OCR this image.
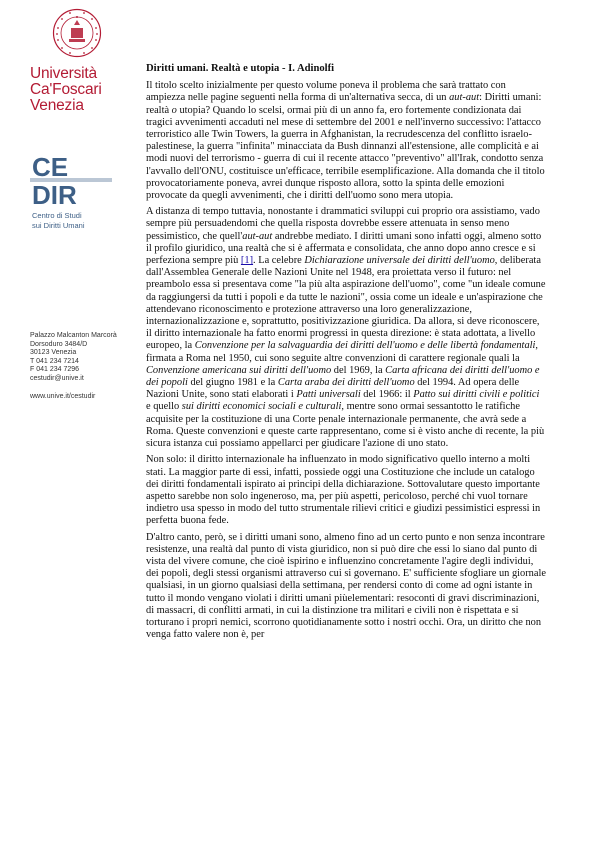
Università
Ca'Foscari
Venezia
CE
DIR
Centro di Studi
sui Diritti Umani
Palazzo Malcanton Marcorà
Dorsoduro 3484/D
30123 Venezia
T 041 234 7214
F 041 234 7296
cestudir@unive.it
www.unive.it/cestudir
Diritti umani. Realtà e utopia - I. Adinolfi

Il titolo scelto inizialmente per questo volume poneva il problema che sarà trattato con ampiezza nelle pagine seguenti nella forma di un'alternativa secca, di un aut-aut: Diritti umani: realtà o utopia? Quando lo scelsi, ormai più di un anno fa, ero fortemente condizionata dai tragici avvenimenti accaduti nel mese di settembre del 2001 e nell'inverno successivo: l'attacco terroristico alle Twin Towers, la guerra in Afghanistan, la recrudescenza del conflitto israelo-palestinese, la guerra "infinita" minacciata da Bush dinnanzi all'estensione, alle complicità e ai modi nuovi del terrorismo - guerra di cui il recente attacco "preventivo" all'Irak, condotto senza l'avvallo dell'ONU, costituisce un'efficace, terribile esemplificazione. Alla domanda che il titolo provocatoriamente poneva, avrei dunque risposto allora, sotto la spinta delle emozioni provocate da quegli avvenimenti, che i diritti dell'uomo sono mera utopia.

A distanza di tempo tuttavia, nonostante i drammatici sviluppi cui proprio ora assistiamo, vado sempre più persuadendomi che quella risposta dovrebbe essere attenuata in senso meno pessimistico, che quell'aut-aut andrebbe mediato. I diritti umani sono infatti oggi, almeno sotto il profilo giuridico, una realtà che si è affermata e consolidata, che anno dopo anno cresce e si perfeziona sempre più [1]. La celebre Dichiarazione universale dei diritti dell'uomo, deliberata dall'Assemblea Generale delle Nazioni Unite nel 1948, era proiettata verso il futuro: nel preambolo essa si presentava come "la più alta aspirazione dell'uomo", come "un ideale comune da raggiungersi da tutti i popoli e da tutte le nazioni", ossia come un ideale e un'aspirazione che attendevano riconoscimento e protezione attraverso una loro generalizzazione, internazionalizzazione e, soprattutto, positivizzazione giuridica. Da allora, si deve riconoscere, il diritto internazionale ha fatto enormi progressi in questa direzione: è stata adottata, a livello europeo, la Convenzione per la salvaguardia dei diritti dell'uomo e delle libertà fondamentali, firmata a Roma nel 1950, cui sono seguite altre convenzioni di carattere regionale quali la Convenzione americana sui diritti dell'uomo del 1969, la Carta africana dei diritti dell'uomo e dei popoli del giugno 1981 e la Carta araba dei diritti dell'uomo del 1994. Ad opera delle Nazioni Unite, sono stati elaborati i Patti universali del 1966: il Patto sui diritti civili e politici e quello sui diritti economici sociali e culturali, mentre sono ormai sessantotto le ratifiche acquisite per la costituzione di una Corte penale internazionale permanente, che avrà sede a Roma. Queste convenzioni e queste carte rappresentano, come si è visto anche di recente, la più sicura istanza cui possiamo appellarci per giudicare l'azione di uno stato.

Non solo: il diritto internazionale ha influenzato in modo significativo quello interno a molti stati. La maggior parte di essi, infatti, possiede oggi una Costituzione che include un catalogo dei diritti fondamentali ispirato ai principi della dichiarazione. Sottovalutare questo importante aspetto sarebbe non solo ingeneroso, ma, per più aspetti, pericoloso, perché chi vuol tornare indietro usa spesso in modo del tutto strumentale rilievi critici e giudizi pessimistici espressi in perfetta buona fede.

D'altro canto, però, se i diritti umani sono, almeno fino ad un certo punto e non senza incontrare resistenze, una realtà dal punto di vista giuridico, non si può dire che essi lo siano dal punto di vista del vivere comune, che cioè ispirino e influenzino concretamente l'agire degli individui, dei popoli, degli stessi organismi attraverso cui si governano. E' sufficiente sfogliare un giornale qualsiasi, in un giorno qualsiasi della settimana, per rendersi conto di come ad ogni istante in tutto il mondo vengano violati i diritti umani piùelementari: resoconti di gravi discriminazioni, di massacri, di conflitti armati, in cui la distinzione tra militari e civili non è rispettata e si torturano i propri nemici, scorrono quotidianamente sotto i nostri occhi. Ora, un diritto che non venga fatto valere non è, per
